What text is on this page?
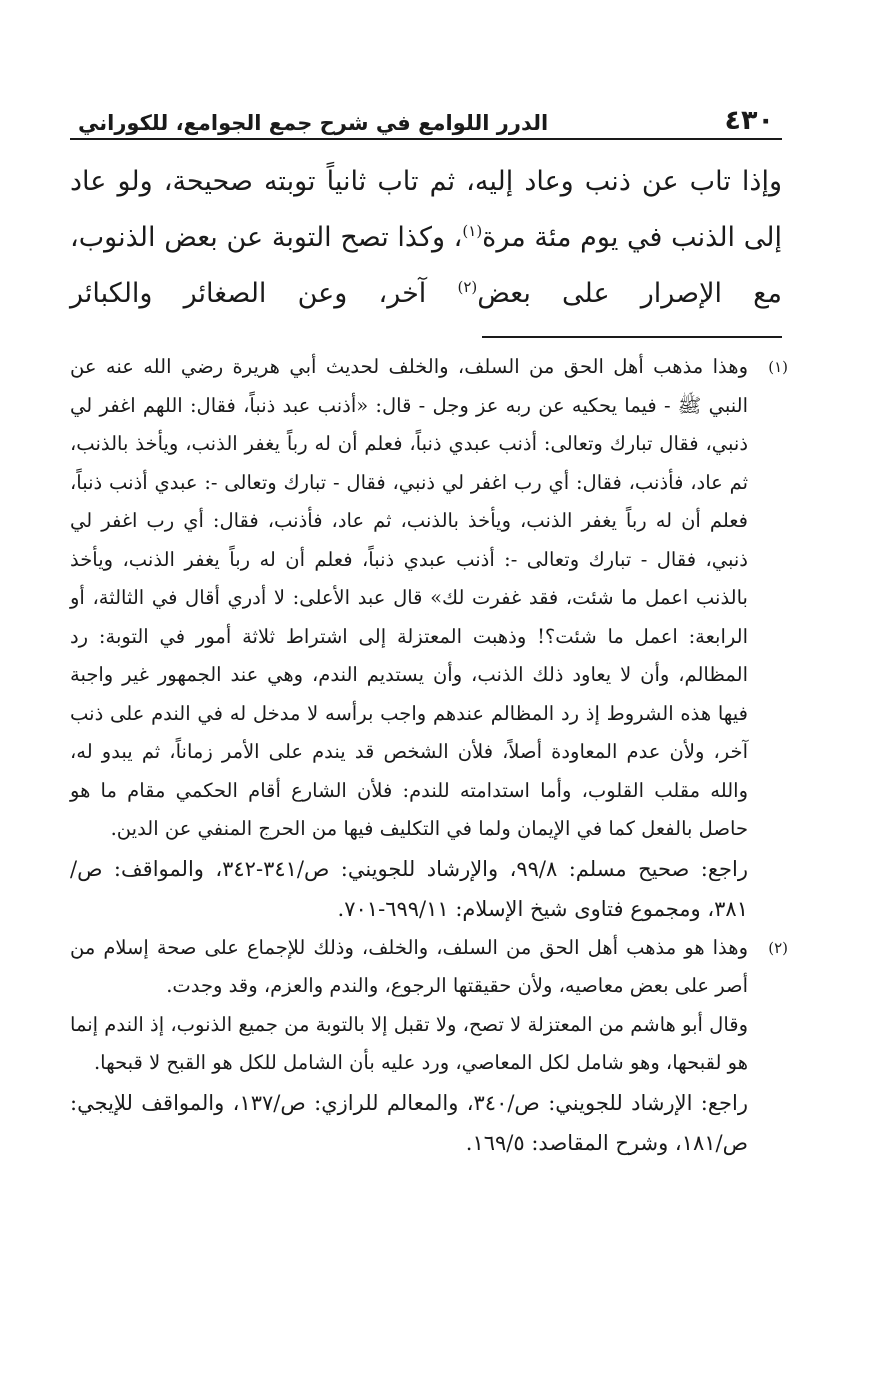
٤٣٠
الدرر اللوامع في شرح جمع الجوامع، للكوراني

وإذا تاب عن ذنب وعاد إليه، ثم تاب ثانياً توبته صحيحة، ولو عاد إلى الذنب في يوم مئة مرة$^{(١)}$، وكذا تصح التوبة عن بعض الذنوب، مع الإصرار على بعض$^{(٢)}$ آخر، وعن الصغائر والكبائر

(١)

وهذا مذهب أهل الحق من السلف، والخلف لحديث أبي هريرة رضي الله عنه عن النبي ﷺ - فيما يحكيه عن ربه عز وجل - قال: «أذنب عبد ذنباً، فقال: اللهم اغفر لي ذنبي، فقال تبارك وتعالى: أذنب عبدي ذنباً، فعلم أن له رباً يغفر الذنب، ويأخذ بالذنب، ثم عاد، فأذنب، فقال: أي رب اغفر لي ذنبي، فقال - تبارك وتعالى -: عبدي أذنب ذنباً، فعلم أن له رباً يغفر الذنب، ويأخذ بالذنب، ثم عاد، فأذنب، فقال: أي رب اغفر لي ذنبي، فقال - تبارك وتعالى -: أذنب عبدي ذنباً، فعلم أن له رباً يغفر الذنب، ويأخذ بالذنب اعمل ما شئت، فقد غفرت لك» قال عبد الأعلى: لا أدري أقال في الثالثة، أو الرابعة: اعمل ما شئت؟! وذهبت المعتزلة إلى اشتراط ثلاثة أمور في التوبة: رد المظالم، وأن لا يعاود ذلك الذنب، وأن يستديم الندم، وهي عند الجمهور غير واجبة فيها هذه الشروط إذ رد المظالم عندهم واجب برأسه لا مدخل له في الندم على ذنب آخر، ولأن عدم المعاودة أصلاً، فلأن الشخص قد يندم على الأمر زماناً، ثم يبدو له، والله مقلب القلوب، وأما استدامته للندم: فلأن الشارع أقام الحكمي مقام ما هو حاصل بالفعل كما في الإيمان ولما في التكليف فيها من الحرج المنفي عن الدين.

راجع: صحيح مسلم: ٩٩/٨، والإرشاد للجويني: ص/٣٤١-٣٤٢، والمواقف: ص/٣٨١، ومجموع فتاوى شيخ الإسلام: ٦٩٩/١١-٧٠١.

(٢)

وهذا هو مذهب أهل الحق من السلف، والخلف، وذلك للإجماع على صحة إسلام من أصر على بعض معاصيه، ولأن حقيقتها الرجوع، والندم والعزم، وقد وجدت.

وقال أبو هاشم من المعتزلة لا تصح، ولا تقبل إلا بالتوبة من جميع الذنوب، إذ الندم إنما هو لقبحها، وهو شامل لكل المعاصي، ورد عليه بأن الشامل للكل هو القبح لا قبحها.

راجع: الإرشاد للجويني: ص/٣٤٠، والمعالم للرازي: ص/١٣٧، والمواقف للإيجي: ص/١٨١، وشرح المقاصد: ١٦٩/٥.
